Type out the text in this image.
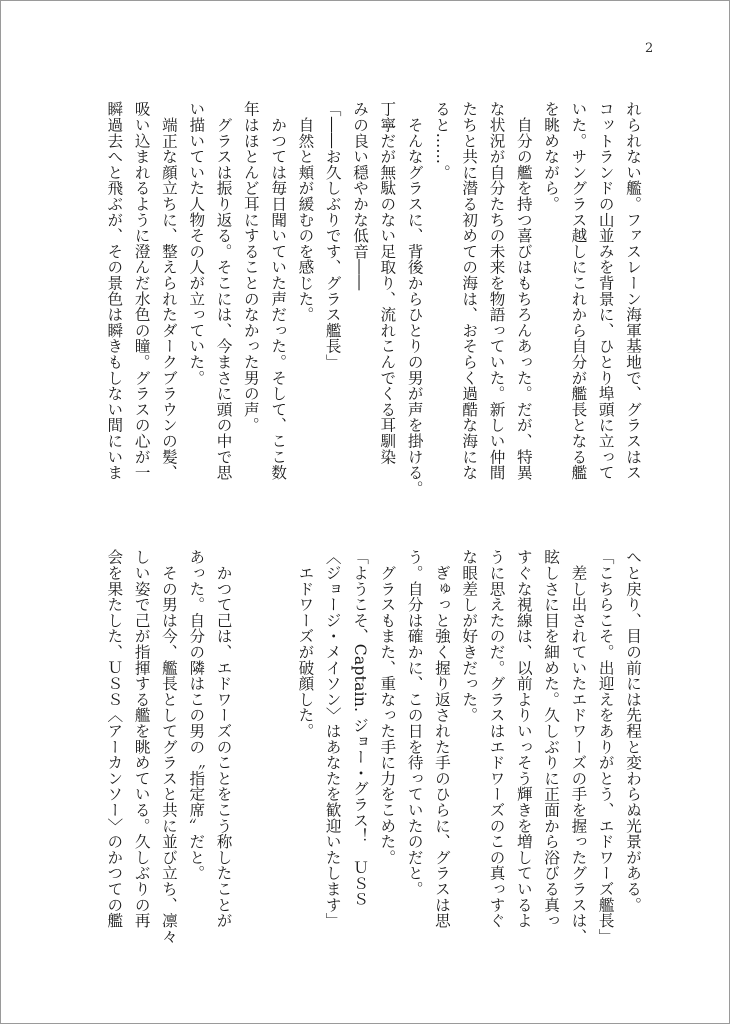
2
れられない艦。ファスレーン海軍基地で、グラスはス
コットランドの山並みを背景に、ひとり埠頭に立って
いた。サングラス越しにこれから自分が艦長となる艦
を眺めながら。
　自分の艦を持つ喜びはもちろんあった。だが、特異
な状況が自分たちの未来を物語っていた。新しい仲間
たちと共に潜る初めての海は、おそらく過酷な海にな
ると……。
　そんなグラスに、背後からひとりの男が声を掛ける。
丁寧だが無駄のない足取り、流れこんでくる耳馴染
みの良い穏やかな低音――
「――お久しぶりです、グラス艦長」
　自然と頬が緩むのを感じた。
　かつては毎日聞いていた声だった。そして、ここ数
年はほとんど耳にすることのなかった男の声。
　グラスは振り返る。そこには、今まさに頭の中で思
い描いていた人物その人が立っていた。
　端正な顔立ちに、整えられたダークブラウンの髪、
吸い込まれるように澄んだ水色の瞳。グラスの心が一
瞬過去へと飛ぶが、その景色は瞬きもしない間にいま
へと戻り、目の前には先程と変わらぬ光景がある。
「こちらこそ。出迎えをありがとう、エドワーズ艦長」
　差し出されていたエドワーズの手を握ったグラスは、
眩しさに目を細めた。久しぶりに正面から浴びる真っ
すぐな視線は、以前よりいっそう輝きを増しているよ
うに思えたのだ。グラスはエドワーズのこの真っすぐ
な眼差しが好きだった。
　ぎゅっと強く握り返された手のひらに、グラスは思
う。自分は確かに、この日を待っていたのだと。
　グラスもまた、重なった手に力をこめた。
「ようこそ、Captain. ジョー・グラス！　ＵＳＳ
〈ジョージ・メイソン〉はあなたを歓迎いたします」
　エドワーズが破顔した。
　かつて己は、エドワーズのことをこう称したことが
あった。自分の隣はこの男の〝指定席〟だと。
　その男は今、艦長としてグラスと共に並び立ち、凛々
しい姿で己が指揮する艦を眺めている。久しぶりの再
会を果たした、ＵＳＳ〈アーカンソー〉のかつての艦
